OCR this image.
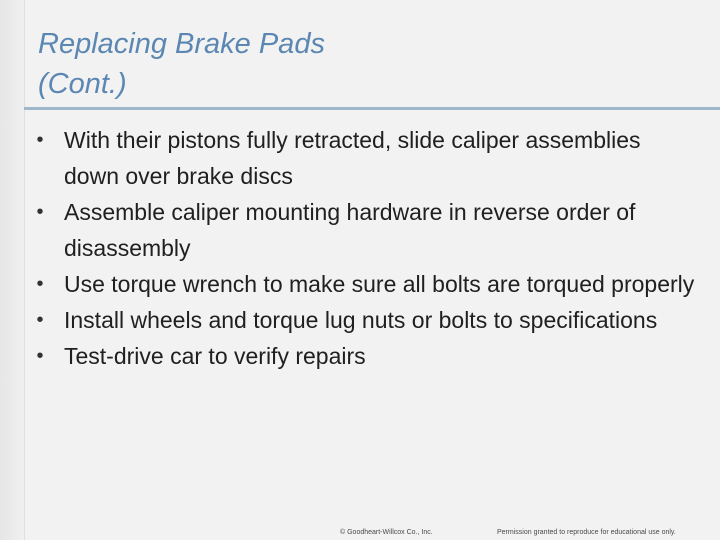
Replacing Brake Pads
(Cont.)
• With their pistons fully retracted, slide caliper assemblies down over brake discs
• Assemble caliper mounting hardware in reverse order of disassembly
• Use torque wrench to make sure all bolts are torqued properly
• Install wheels and torque lug nuts or bolts to specifications
• Test-drive car to verify repairs
© Goodheart-Willcox Co., Inc.	Permission granted to reproduce for educational use only.
